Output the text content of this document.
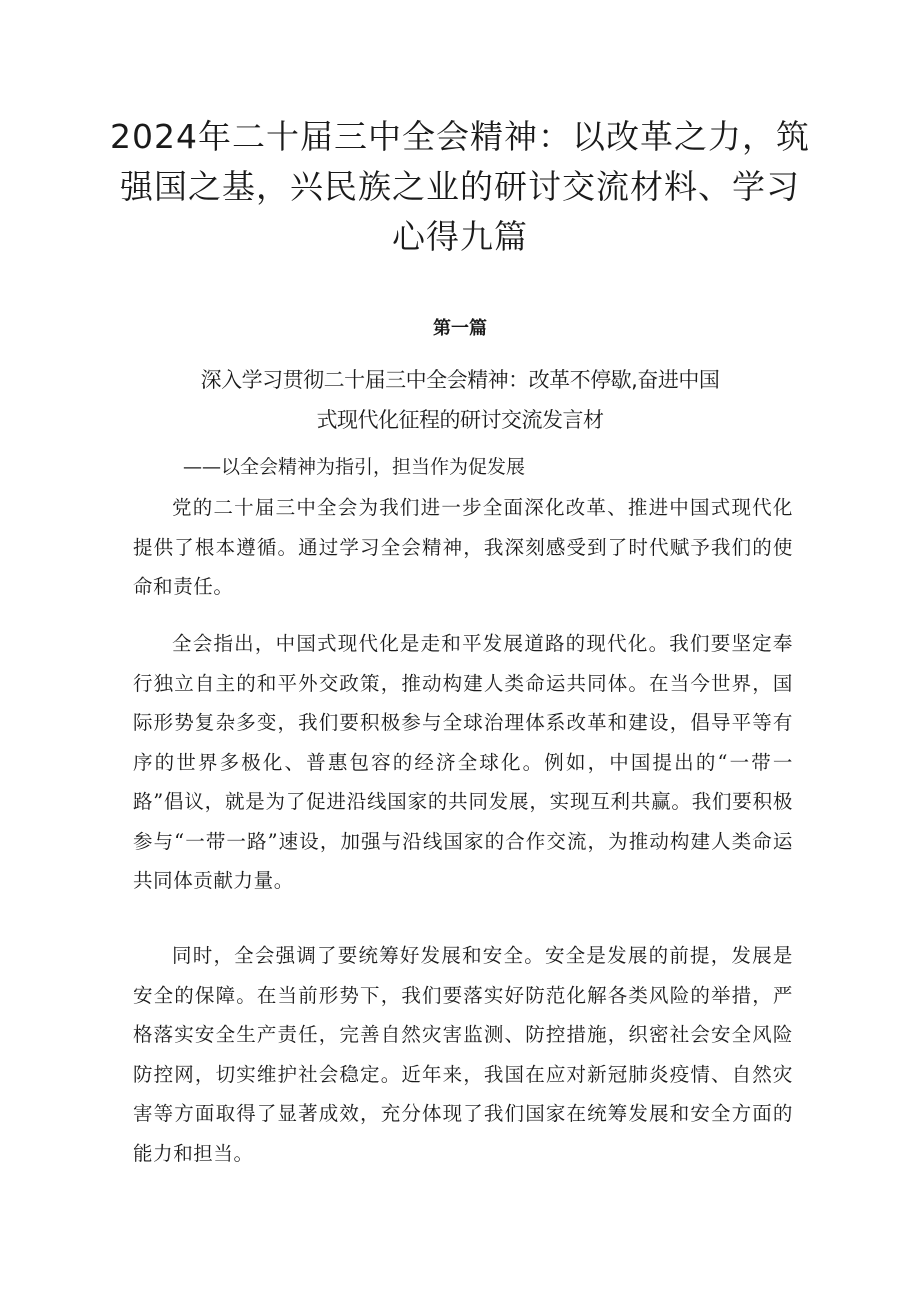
2024年二十届三中全会精神：以改革之力，筑强国之基，兴民族之业的研讨交流材料、学习心得九篇
第一篇
深入学习贯彻二十届三中全会精神：改革不停歇,奋进中国
式现代化征程的研讨交流发言材
——以全会精神为指引，担当作为促发展

党的二十届三中全会为我们进一步全面深化改革、推进中国式现代化提供了根本遵循。通过学习全会精神，我深刻感受到了时代赋予我们的使命和责任。

全会指出，中国式现代化是走和平发展道路的现代化。我们要坚定奉行独立自主的和平外交政策，推动构建人类命运共同体。在当今世界，国际形势复杂多变，我们要积极参与全球治理体系改革和建设，倡导平等有序的世界多极化、普惠包容的经济全球化。例如，中国提出的“一带一路”倡议，就是为了促进沿线国家的共同发展，实现互利共赢。我们要积极参与“一带一路”速设，加强与沿线国家的合作交流，为推动构建人类命运共同体贡献力量。

同时，全会强调了要统筹好发展和安全。安全是发展的前提，发展是安全的保障。在当前形势下，我们要落实好防范化解各类风险的举措，严格落实安全生产责任，完善自然灾害监测、防控措施，织密社会安全风险防控网，切实维护社会稳定。近年来，我国在应对新冠肺炎疫情、自然灾害等方面取得了显著成效，充分体现了我们国家在统筹发展和安全方面的能力和担当。
